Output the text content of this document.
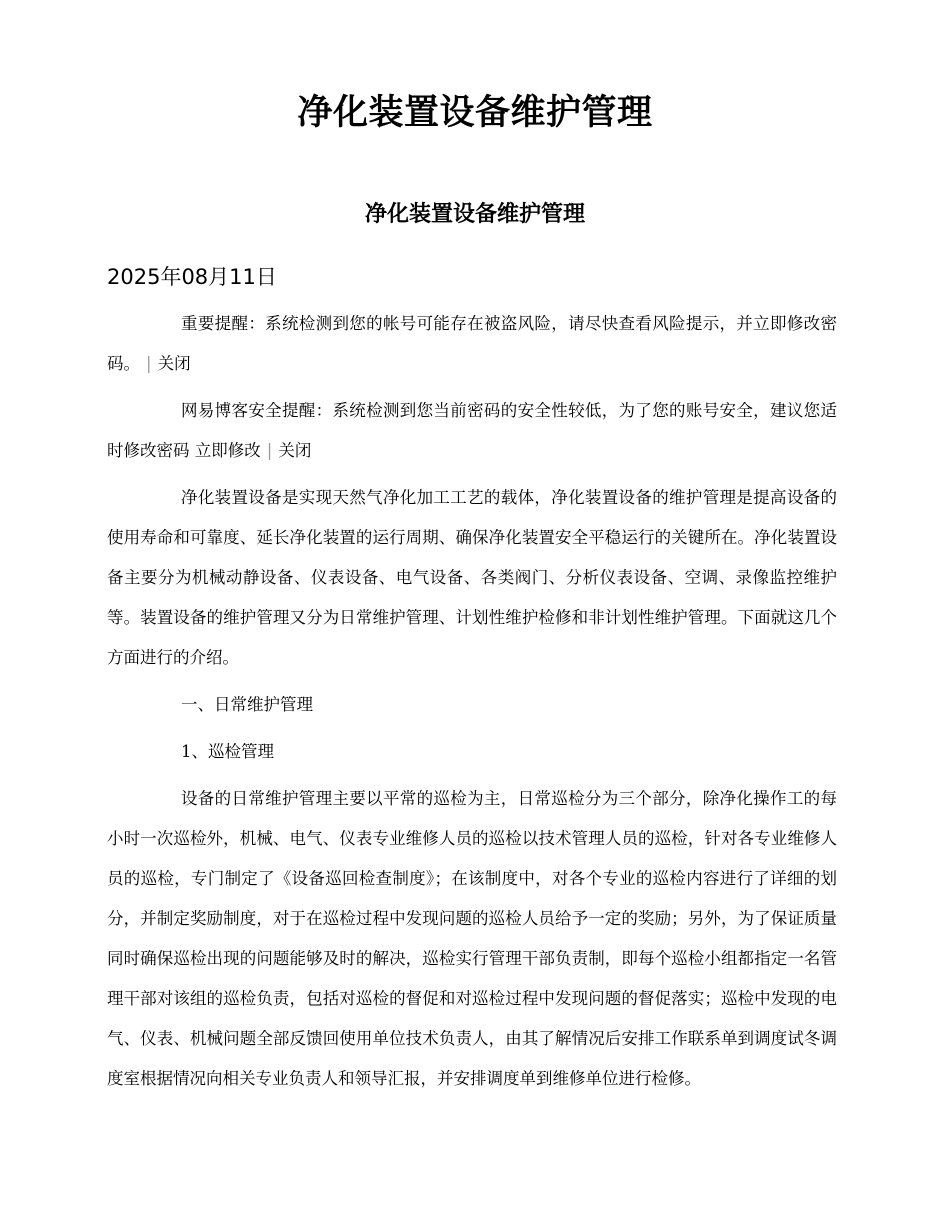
净化装置设备维护管理
净化装置设备维护管理
2025年08月11日

重要提醒：系统检测到您的帐号可能存在被盗风险，请尽快查看风险提示，并立即修改密码。 | 关闭

网易博客安全提醒：系统检测到您当前密码的安全性较低，为了您的账号安全，建议您适时修改密码 立即修改 | 关闭

净化装置设备是实现天然气净化加工工艺的载体，净化装置设备的维护管理是提高设备的使用寿命和可靠度、延长净化装置的运行周期、确保净化装置安全平稳运行的关键所在。净化装置设备主要分为机械动静设备、仪表设备、电气设备、各类阀门、分析仪表设备、空调、录像监控维护等。装置设备的维护管理又分为日常维护管理、计划性维护检修和非计划性维护管理。下面就这几个方面进行的介绍。

一、日常维护管理

1、巡检管理

设备的日常维护管理主要以平常的巡检为主，日常巡检分为三个部分，除净化操作工的每小时一次巡检外，机械、电气、仪表专业维修人员的巡检以技术管理人员的巡检，针对各专业维修人员的巡检，专门制定了《设备巡回检查制度》；在该制度中，对各个专业的巡检内容进行了详细的划分，并制定奖励制度，对于在巡检过程中发现问题的巡检人员给予一定的奖励；另外，为了保证质量同时确保巡检出现的问题能够及时的解决，巡检实行管理干部负责制，即每个巡检小组都指定一名管理干部对该组的巡检负责，包括对巡检的督促和对巡检过程中发现问题的督促落实；巡检中发现的电气、仪表、机械问题全部反馈回使用单位技术负责人，由其了解情况后安排工作联系单到调度试冬调度室根据情况向相关专业负责人和领导汇报，并安排调度单到维修单位进行检修。
